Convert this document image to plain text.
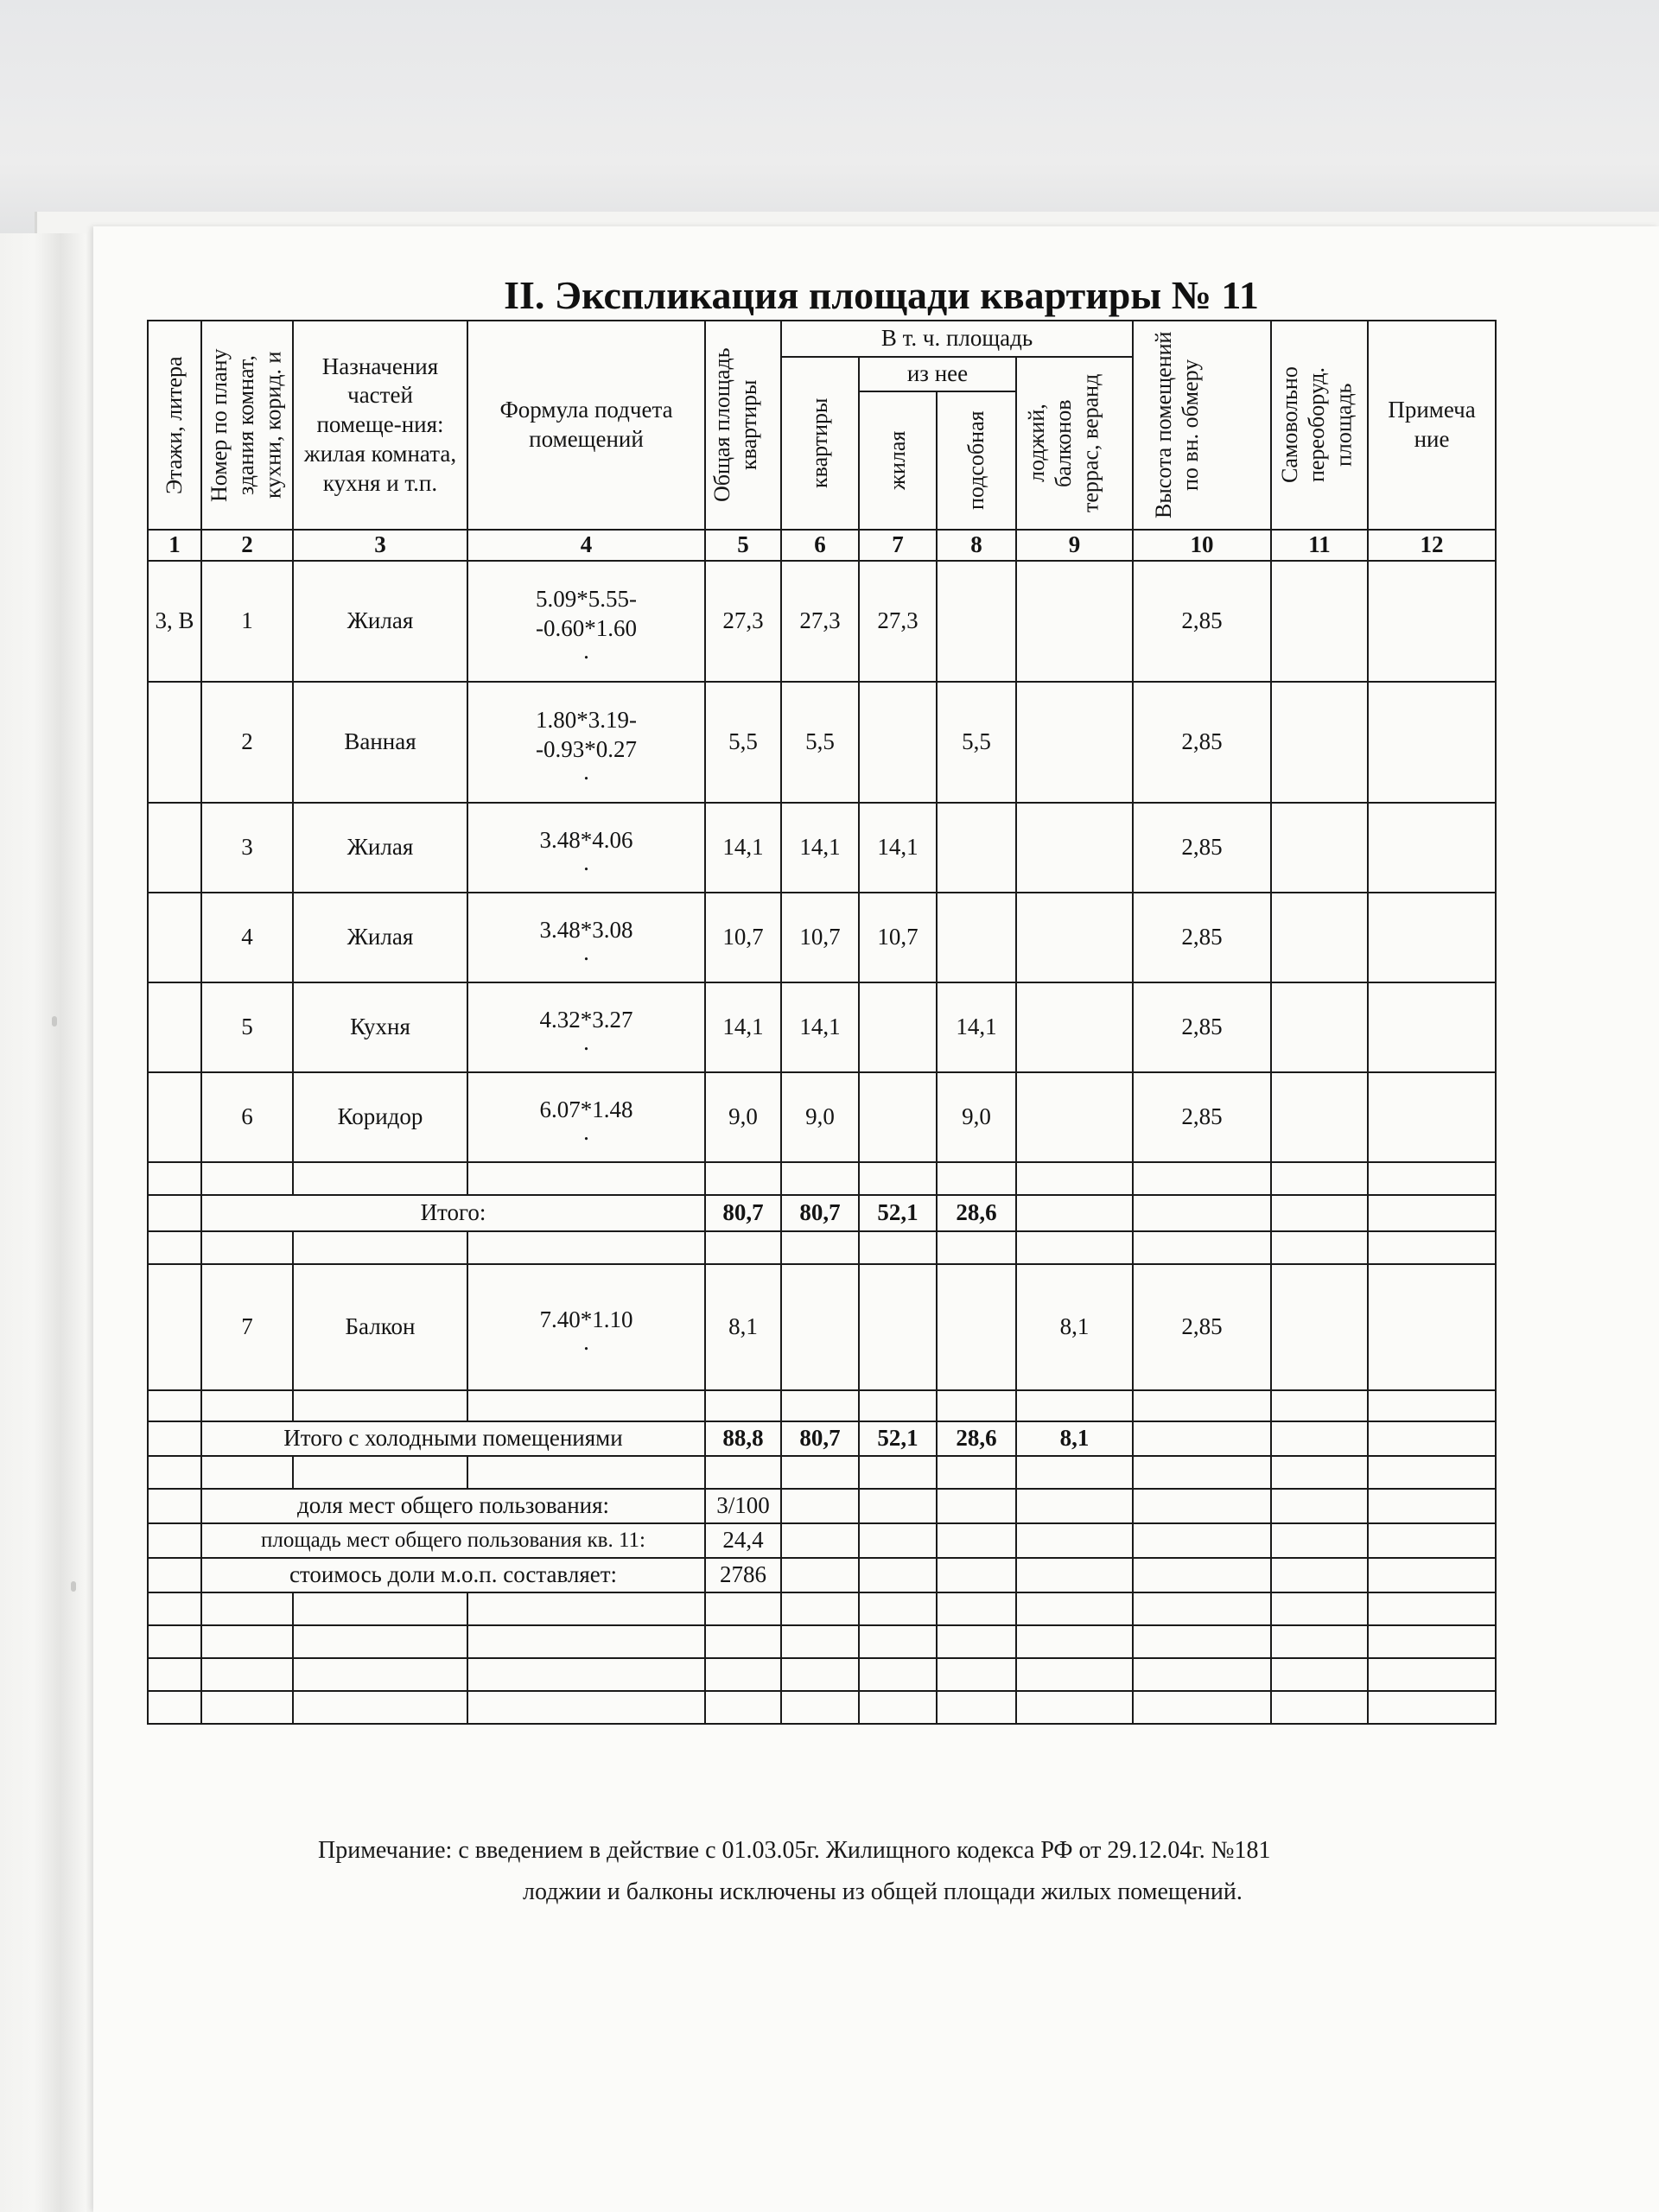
II. Экспликация площади квартиры № 11
Этажи, литера	Номер по плану здания комнат, кухни, корид. и	Назначения частей помеще-ния: жилая комната, кухня и т.п.	Формула подчета помещений	Общая площадь квартиры	В т. ч. площадь				Высота помещений по вн. обмеру	Самовольно переоборуд. площадь	Примеча ние

					квартиры	из нее		лоджий, балконов террас, веранд			

						жилая	подсобная				

1	2	3	4	5	6	7	8	9	10	11	12
3, В	1	Жилая	5.09*5.55-
-0.60*1.60
.	27,3	27,3	27,3			2,85		
	2	Ванная	1.80*3.19-
-0.93*0.27
.	5,5	5,5		5,5		2,85		
	3	Жилая	3.48*4.06
.	14,1	14,1	14,1			2,85		
	4	Жилая	3.48*3.08
.	10,7	10,7	10,7			2,85		
	5	Кухня	4.32*3.27
.	14,1	14,1		14,1		2,85		
	6	Коридор	6.07*1.48
.	9,0	9,0		9,0		2,85		

	Итого:			80,7	80,7	52,1	28,6				

	7	Балкон	7.40*1.10
.	8,1				8,1	2,85		

	Итого с холодными помещениями			88,8	80,7	52,1	28,6	8,1			

	доля мест общего пользования:			3/100							
	площадь мест общего пользования кв. 11:			24,4							
	стоимось доли м.о.п. составляет:			2786							

Примечание: с введением в действие с 01.03.05г. Жилищного кодекса РФ от 29.12.04г. №181
лоджии и балконы исключены из общей площади жилых помещений.
